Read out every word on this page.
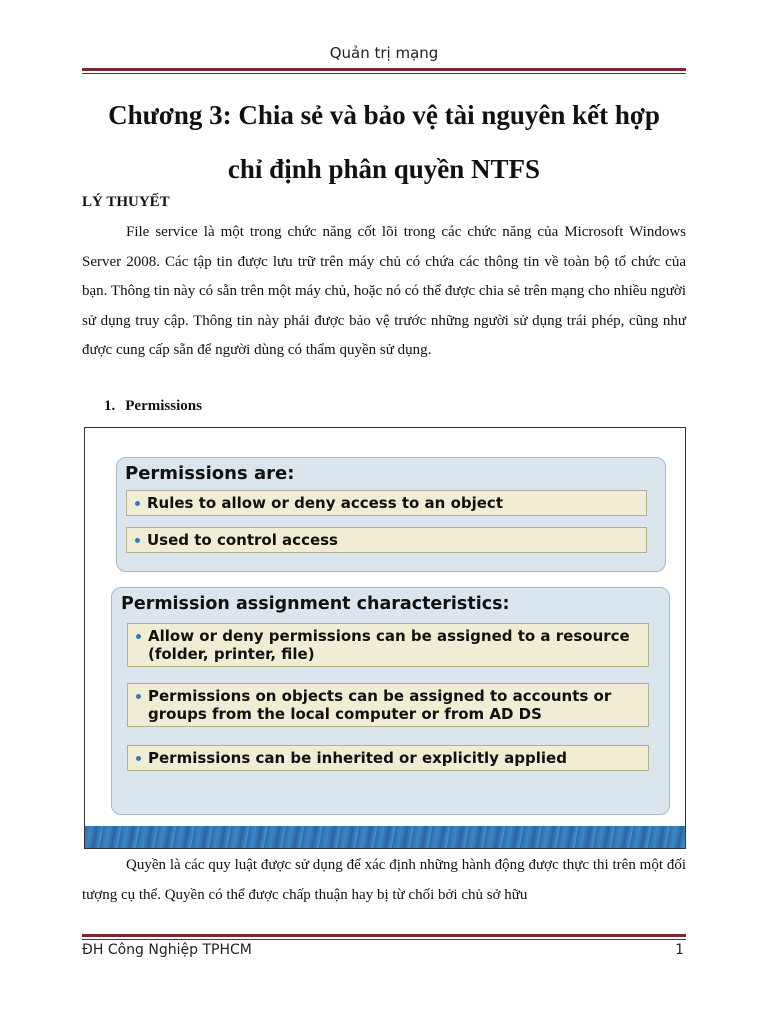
Quản trị mạng
Chương 3: Chia sẻ và bảo vệ tài nguyên kết hợp
chỉ định phân quyền NTFS
LÝ THUYẾT

File service là một trong chức năng cốt lõi trong các chức năng của Microsoft Windows Server 2008. Các tập tin được lưu trữ trên máy chủ có chứa các thông tin về toàn bộ tổ chức của bạn. Thông tin này có sẵn trên một máy chủ, hoặc nó có thể được chia sẻ trên mạng cho nhiều người sử dụng truy cập. Thông tin này phải được bảo vệ trước những người sử dụng trái phép, cũng như được cung cấp sẵn để người dùng có thẩm quyền sử dụng.

1. Permissions
Permissions are:
Rules to allow or deny access to an object
Used to control access
Permission assignment characteristics:
Allow or deny permissions can be assigned to a resource (folder, printer, file)
Permissions on objects can be assigned to accounts or groups from the local computer or from AD DS
Permissions can be inherited or explicitly applied

Quyền là các quy luật được sử dụng để xác định những hành động được thực thi trên một đối tượng cụ thể. Quyền có thể được chấp thuận hay bị từ chối bởi chủ sở hữu

ĐH Công Nghiệp TPHCM	1
